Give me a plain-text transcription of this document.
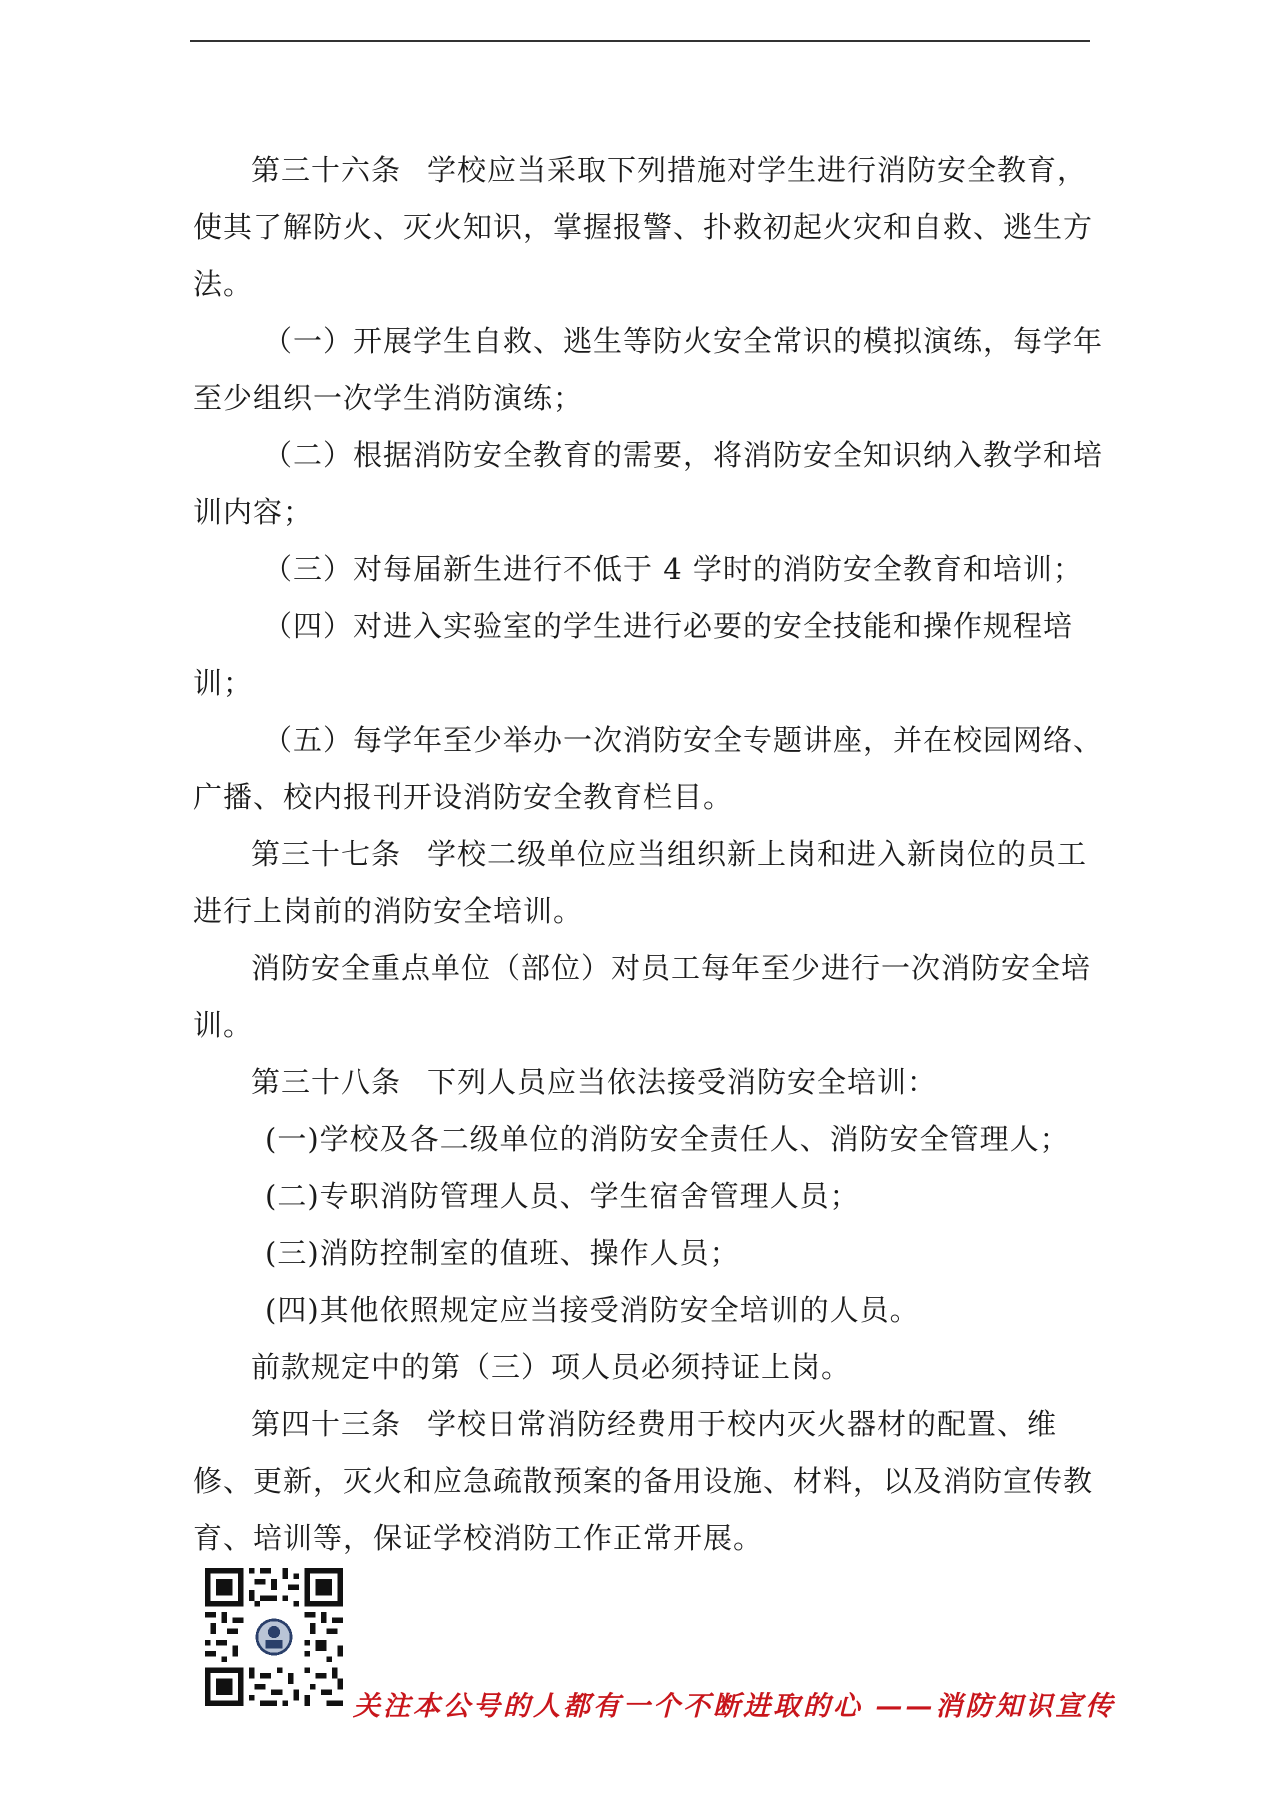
第三十六条 学校应当采取下列措施对学生进行消防安全教育，使其了解防火、灭火知识，掌握报警、扑救初起火灾和自救、逃生方法。

（一）开展学生自救、逃生等防火安全常识的模拟演练，每学年至少组织一次学生消防演练；

（二）根据消防安全教育的需要，将消防安全知识纳入教学和培训内容；

（三）对每届新生进行不低于 4 学时的消防安全教育和培训；

（四）对进入实验室的学生进行必要的安全技能和操作规程培训；

（五）每学年至少举办一次消防安全专题讲座，并在校园网络、广播、校内报刊开设消防安全教育栏目。

第三十七条 学校二级单位应当组织新上岗和进入新岗位的员工进行上岗前的消防安全培训。

消防安全重点单位（部位）对员工每年至少进行一次消防安全培训。

第三十八条 下列人员应当依法接受消防安全培训：

(一)学校及各二级单位的消防安全责任人、消防安全管理人；

(二)专职消防管理人员、学生宿舍管理人员；

(三)消防控制室的值班、操作人员；

(四)其他依照规定应当接受消防安全培训的人员。

前款规定中的第（三）项人员必须持证上岗。

第四十三条 学校日常消防经费用于校内灭火器材的配置、维修、更新，灭火和应急疏散预案的备用设施、材料，以及消防宣传教育、培训等，保证学校消防工作正常开展。

关注本公号的人都有一个不断进取的心 ——消防知识宣传
